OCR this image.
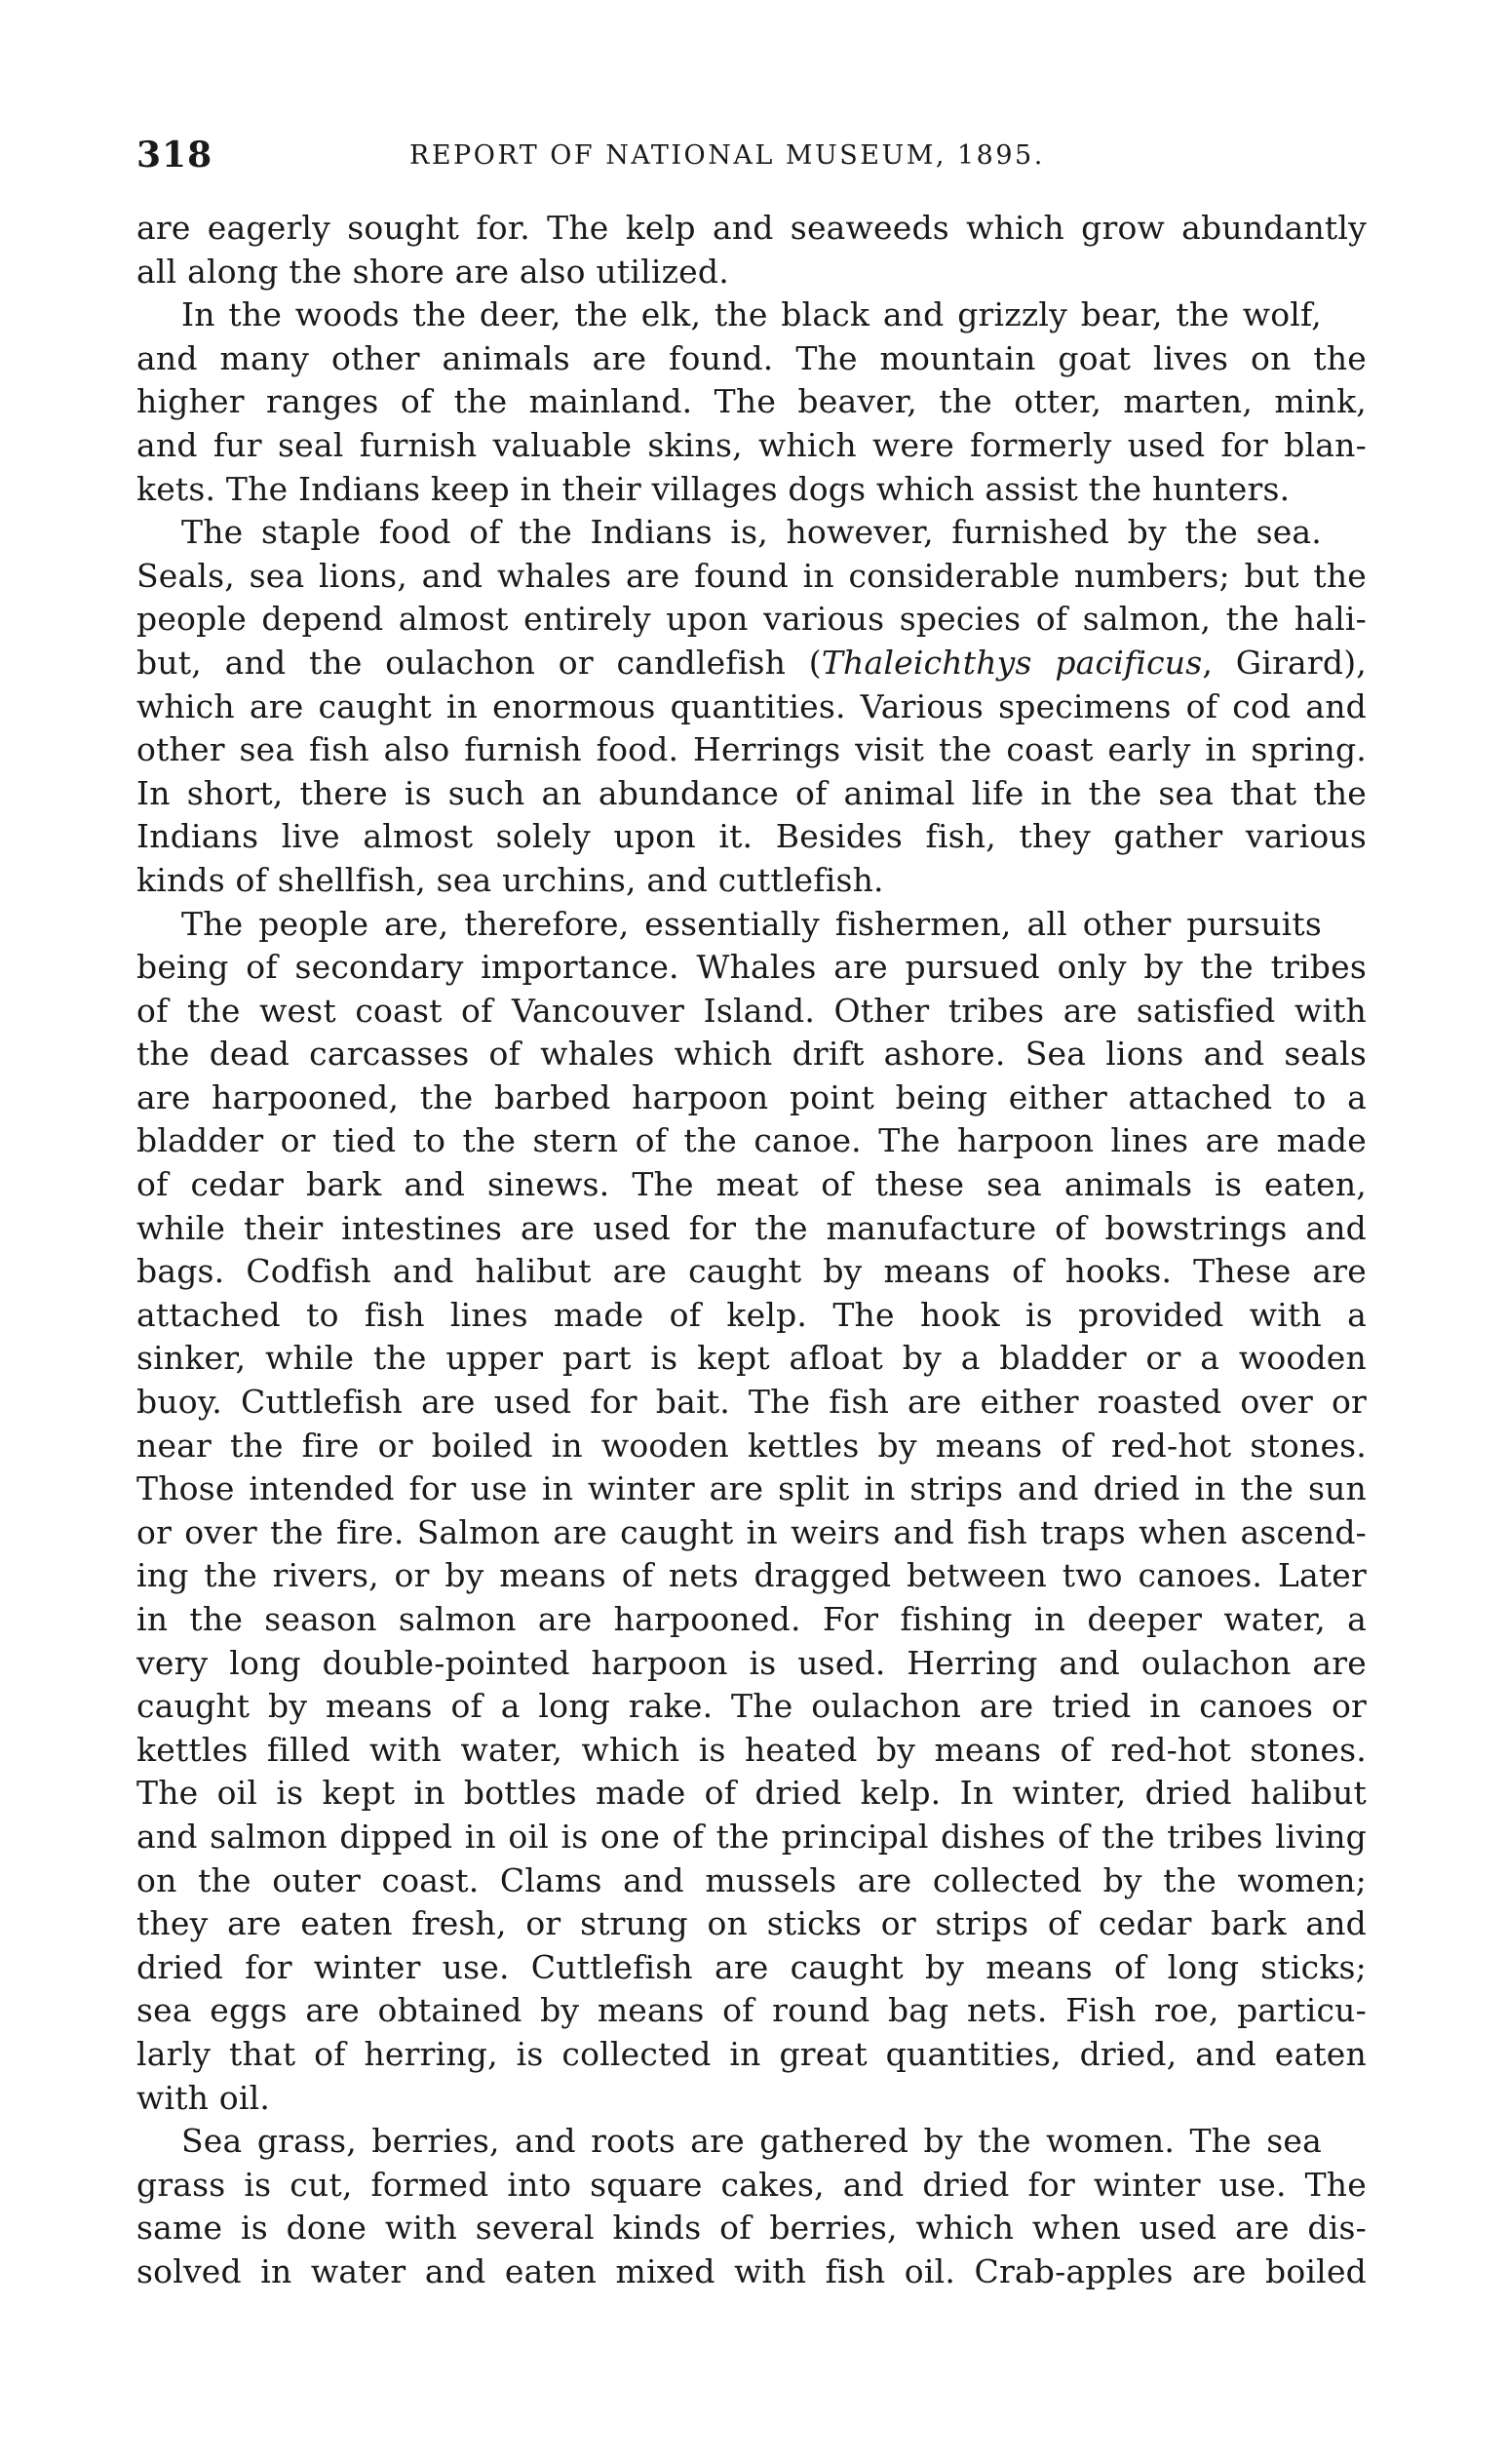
318	REPORT OF NATIONAL MUSEUM, 1895.
are eagerly sought for. The kelp and seaweeds which grow abundantly
all along the shore are also utilized.
In the woods the deer, the elk, the black and grizzly bear, the wolf,
and many other animals are found. The mountain goat lives on the
higher ranges of the mainland. The beaver, the otter, marten, mink,
and fur seal furnish valuable skins, which were formerly used for blan-
kets. The Indians keep in their villages dogs which assist the hunters.
The staple food of the Indians is, however, furnished by the sea.
Seals, sea lions, and whales are found in considerable numbers; but the
people depend almost entirely upon various species of salmon, the hali-
but, and the oulachon or candlefish (Thaleichthys pacificus, Girard),
which are caught in enormous quantities. Various specimens of cod and
other sea fish also furnish food. Herrings visit the coast early in spring.
In short, there is such an abundance of animal life in the sea that the
Indians live almost solely upon it. Besides fish, they gather various
kinds of shellfish, sea urchins, and cuttlefish.
The people are, therefore, essentially fishermen, all other pursuits
being of secondary importance. Whales are pursued only by the tribes
of the west coast of Vancouver Island. Other tribes are satisfied with
the dead carcasses of whales which drift ashore. Sea lions and seals
are harpooned, the barbed harpoon point being either attached to a
bladder or tied to the stern of the canoe. The harpoon lines are made
of cedar bark and sinews. The meat of these sea animals is eaten,
while their intestines are used for the manufacture of bowstrings and
bags. Codfish and halibut are caught by means of hooks. These are
attached to fish lines made of kelp. The hook is provided with a
sinker, while the upper part is kept afloat by a bladder or a wooden
buoy. Cuttlefish are used for bait. The fish are either roasted over or
near the fire or boiled in wooden kettles by means of red-hot stones.
Those intended for use in winter are split in strips and dried in the sun
or over the fire. Salmon are caught in weirs and fish traps when ascend-
ing the rivers, or by means of nets dragged between two canoes. Later
in the season salmon are harpooned. For fishing in deeper water, a
very long double-pointed harpoon is used. Herring and oulachon are
caught by means of a long rake. The oulachon are tried in canoes or
kettles filled with water, which is heated by means of red-hot stones.
The oil is kept in bottles made of dried kelp. In winter, dried halibut
and salmon dipped in oil is one of the principal dishes of the tribes living
on the outer coast. Clams and mussels are collected by the women;
they are eaten fresh, or strung on sticks or strips of cedar bark and
dried for winter use. Cuttlefish are caught by means of long sticks;
sea eggs are obtained by means of round bag nets. Fish roe, particu-
larly that of herring, is collected in great quantities, dried, and eaten
with oil.
Sea grass, berries, and roots are gathered by the women. The sea
grass is cut, formed into square cakes, and dried for winter use. The
same is done with several kinds of berries, which when used are dis-
solved in water and eaten mixed with fish oil. Crab-apples are boiled
